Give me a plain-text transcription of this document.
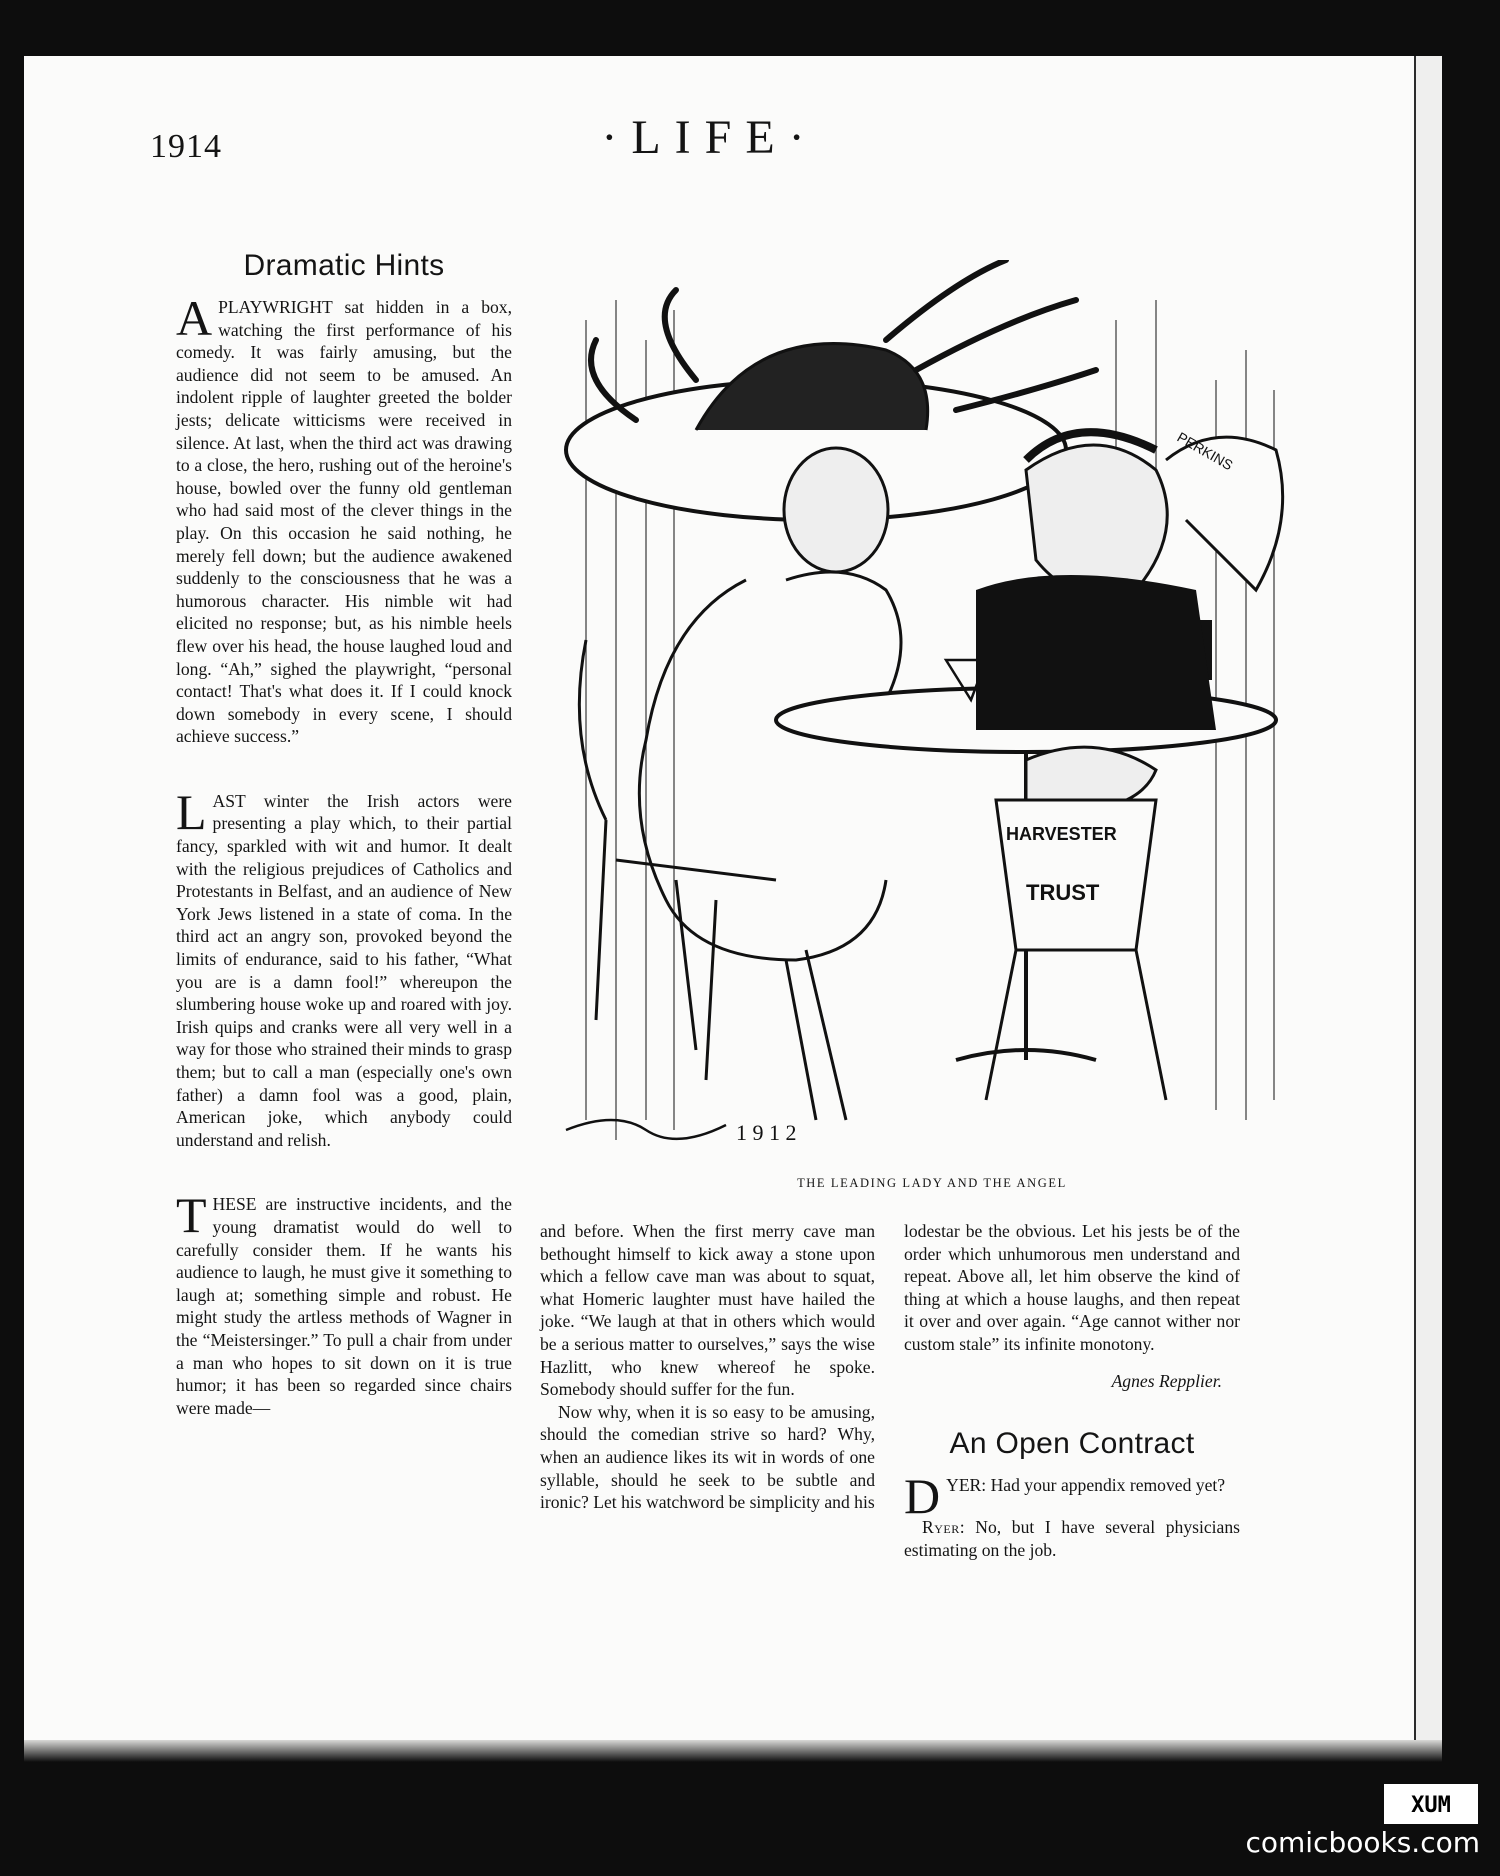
1914	·LIFE·
Dramatic Hints
A PLAYWRIGHT sat hidden in a box, watching the first performance of his comedy. It was fairly amusing, but the audience did not seem to be amused. An indolent ripple of laughter greeted the bolder jests; delicate witticisms were received in silence. At last, when the third act was drawing to a close, the hero, rushing out of the heroine's house, bowled over the funny old gentleman who had said most of the clever things in the play. On this occasion he said nothing, he merely fell down; but the audience awakened suddenly to the consciousness that he was a humorous character. His nimble wit had elicited no response; but, as his nimble heels flew over his head, the house laughed loud and long. “Ah,” sighed the playwright, “personal contact! That's what does it. If I could knock down somebody in every scene, I should achieve success.”

L AST winter the Irish actors were presenting a play which, to their partial fancy, sparkled with wit and humor. It dealt with the religious prejudices of Catholics and Protestants in Belfast, and an audience of New York Jews listened in a state of coma. In the third act an angry son, provoked beyond the limits of endurance, said to his father, “What you are is a damn fool!” whereupon the slumbering house woke up and roared with joy. Irish quips and cranks were all very well in a way for those who strained their minds to grasp them; but to call a man (especially one's own father) a damn fool was a good, plain, American joke, which anybody could understand and relish.

T HESE are instructive incidents, and the young dramatist would do well to carefully consider them. If he wants his audience to laugh, he must give it something to laugh at; something simple and robust. He might study the artless methods of Wagner in the “Meistersinger.” To pull a chair from under a man who hopes to sit down on it is true humor; it has been so regarded since chairs were made—

PERKINS
HARVESTER
TRUST
1 9 1 2
THE LEADING LADY AND THE ANGEL

and before. When the first merry cave man bethought himself to kick away a stone upon which a fellow cave man was about to squat, what Homeric laughter must have hailed the joke. “We laugh at that in others which would be a serious matter to ourselves,” says the wise Hazlitt, who knew whereof he spoke. Somebody should suffer for the fun.

Now why, when it is so easy to be amusing, should the comedian strive so hard? Why, when an audience likes its wit in words of one syllable, should he seek to be subtle and ironic? Let his watchword be simplicity and his

lodestar be the obvious. Let his jests be of the order which unhumorous men understand and repeat. Above all, let him observe the kind of thing at which a house laughs, and then repeat it over and over again. “Age cannot wither nor custom stale” its infinite monotony.

Agnes Repplier.
An Open Contract
D YER: Had your appendix removed yet?

Ryer: No, but I have several physicians estimating on the job.

XUM
comicbooks.com
